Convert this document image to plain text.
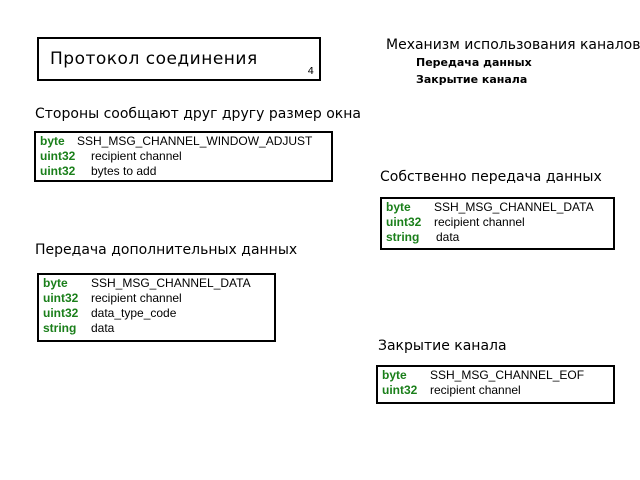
Протокол соединения
4
Механизм использования каналов
Передача данных
Закрытие канала
Стороны сообщают друг другу размер окна
byte SSH_MSG_CHANNEL_WINDOW_ADJUST
uint32 recipient channel
uint32 bytes to add
Передача дополнительных данных
byte SSH_MSG_CHANNEL_DATA
uint32 recipient channel
uint32 data_type_code
string data
Собственно передача данных
byte SSH_MSG_CHANNEL_DATA
uint32 recipient channel
string data
Закрытие канала
byte SSH_MSG_CHANNEL_EOF
uint32 recipient channel
